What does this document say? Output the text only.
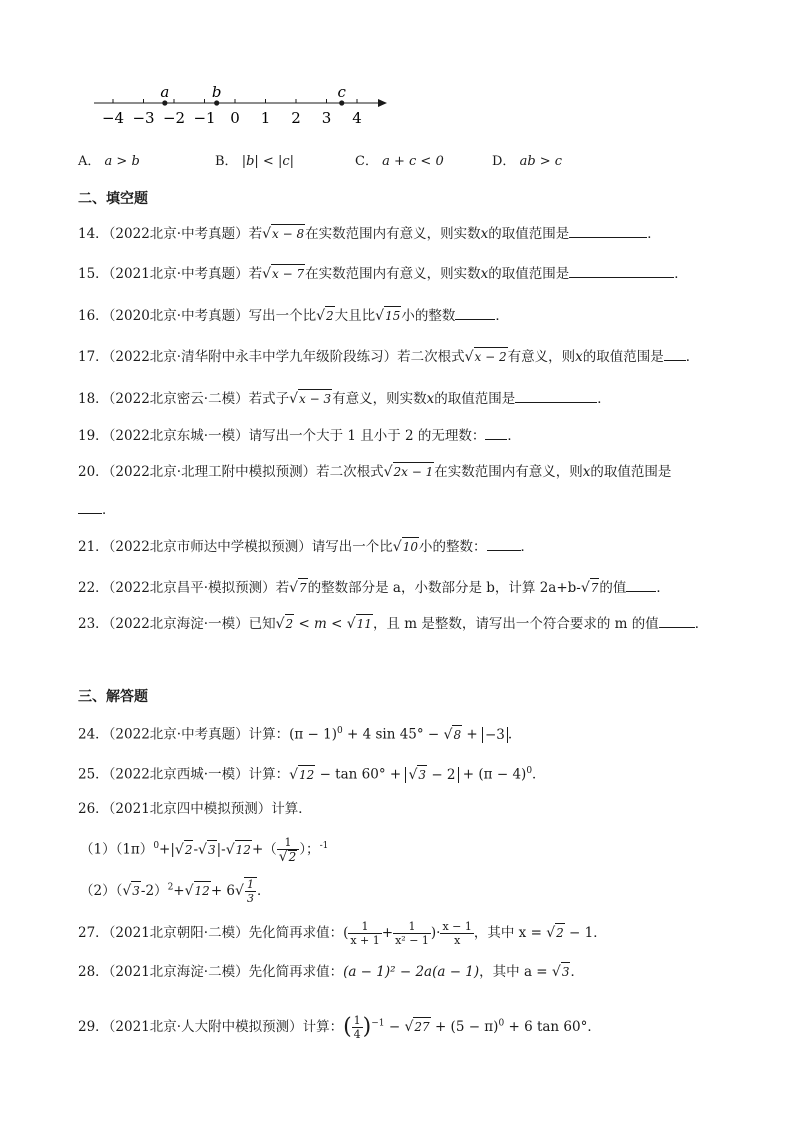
−4 −3 −2 −1 0 1 2 3 4
a	b	c
A． a > b	B． |b| < |c|	C． a + c < 0	D． ab > c
二、填空题
14．（2022北京·中考真题）若√x − 8在实数范围内有意义，则实数x的取值范围是	．
15．（2021北京·中考真题）若√x − 7在实数范围内有意义，则实数x的取值范围是	．
16．（2020北京·中考真题）写出一个比√2大且比√15小的整数	．
17．（2022北京·清华附中永丰中学九年级阶段练习）若二次根式√x − 2有意义，则x的取值范围是 ．
18．（2022北京密云·二模）若式子√x − 3有意义，则实数x的取值范围是	．
19．（2022北京东城·一模）请写出一个大于 1 且小于 2 的无理数： ．
20．（2022北京·北理工附中模拟预测）若二次根式√2x − 1在实数范围内有意义，则x的取值范围是
．
21．（2022北京市师达中学模拟预测）请写出一个比√10小的整数：	．
22．（2022北京昌平·模拟预测）若√7的整数部分是 a，小数部分是 b，计算 2a+b-√7的值 ．
23．（2022北京海淀·一模）已知√2 < m < √11，且 m 是整数，请写出一个符合要求的 m 的值	．
三、解答题
24．（2022北京·中考真题）计算：$(\pi - 1)^0 + 4$ sin 45° − √8 + −3 .
25．（2022北京西城·一模）计算：$√12 - \tan 60^\circ + √3 - 2 + (\pi - 4)^0$．
26．（2021北京四中模拟预测）计算．
$(1)(1\pi)^0+|√2-√3|-√12+( \frac{1}{√2}$ ）；$^{-1}$
$(2)(√3-2)^2+√12+ 6√ \frac{1}{3}$ ．
27．（2021北京朝阳·二模）先化简再求值：( $\frac{1}{x + 1} + \frac{1}{\text{x² − 1}}$ )· $\frac{x - 1}{x}$ ，其中 x = √2 − 1．
28．（2021北京海淀·二模）先化简再求值：(a − 1)² − 2a(a − 1)，其中 a = √3．
29．（2021北京·人大附中模拟预测）计算：( $\frac{1}{4} )^{-1} - √27 + (5 - \pi)^0 + 6$ tan 60°．
